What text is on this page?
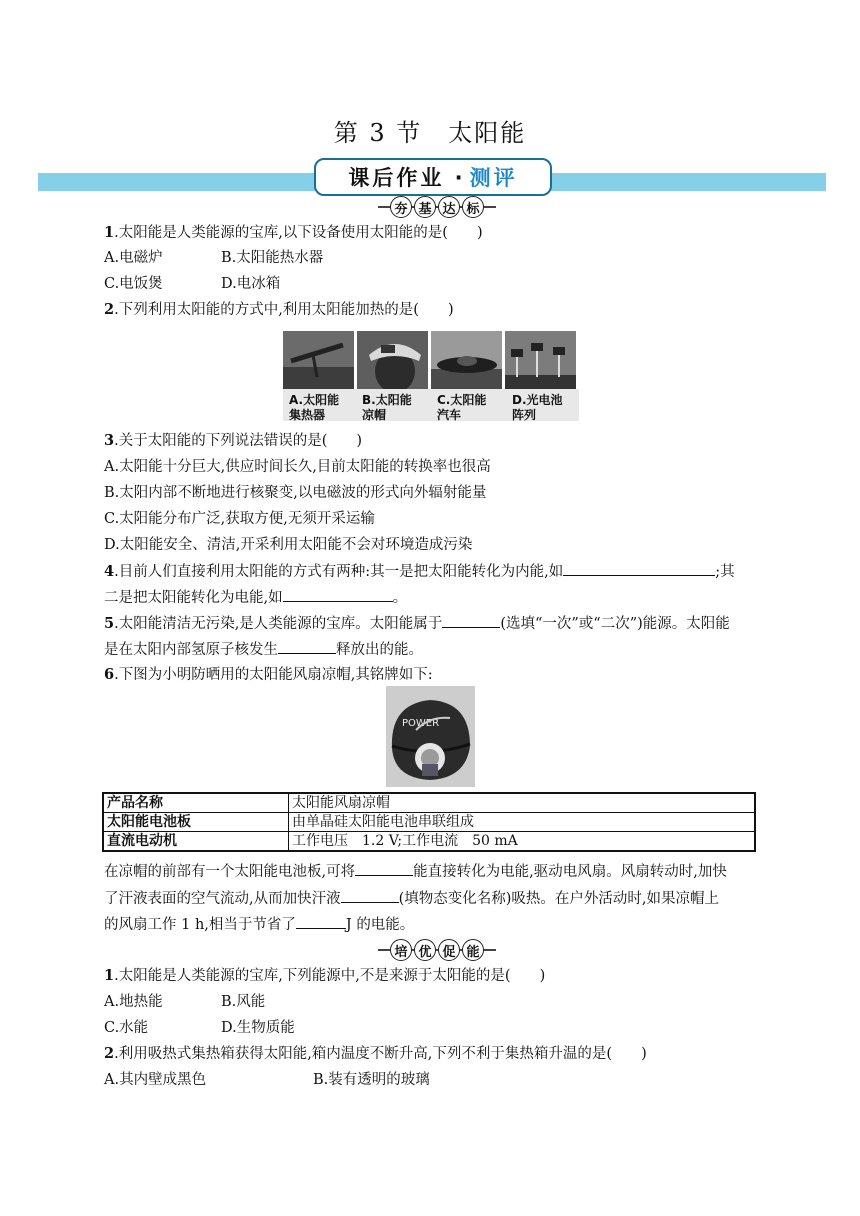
第 3 节　太阳能
课后作业 · 测评
夯 基 达 标
1.太阳能是人类能源的宝库,以下设备使用太阳能的是(　　)
A.电磁炉	B.太阳能热水器
C.电饭煲	D.电冰箱
2.下列利用太阳能的方式中,利用太阳能加热的是(　　)
A.太阳能
集热器
B.太阳能
凉帽
C.太阳能
汽车
D.光电池
阵列
3.关于太阳能的下列说法错误的是(　　)
A.太阳能十分巨大,供应时间长久,目前太阳能的转换率也很高
B.太阳内部不断地进行核聚变,以电磁波的形式向外辐射能量
C.太阳能分布广泛,获取方便,无须开采运输
D.太阳能安全、清洁,开采利用太阳能不会对环境造成污染
4.目前人们直接利用太阳能的方式有两种:其一是把太阳能转化为内能,如	;其
二是把太阳能转化为电能,如	。
5.太阳能清洁无污染,是人类能源的宝库。太阳能属于	(选填“一次”或“二次”)能源。太阳能
是在太阳内部氢原子核发生	释放出的能。
6.下图为小明防晒用的太阳能风扇凉帽,其铭牌如下:
POWER
产品名称	太阳能风扇凉帽
太阳能电池板	由单晶硅太阳能电池串联组成
直流电动机	工作电压　1.2 V;工作电流　50 mA
在凉帽的前部有一个太阳能电池板,可将	能直接转化为电能,驱动电风扇。风扇转动时,加快
了汗液表面的空气流动,从而加快汗液	(填物态变化名称)吸热。在户外活动时,如果凉帽上
的风扇工作 1 h,相当于节省了	J 的电能。
培 优 促 能
1.太阳能是人类能源的宝库,下列能源中,不是来源于太阳能的是(　　)
A.地热能	B.风能
C.水能	D.生物质能
2.利用吸热式集热箱获得太阳能,箱内温度不断升高,下列不利于集热箱升温的是(　　)
A.其内壁成黑色	B.装有透明的玻璃
